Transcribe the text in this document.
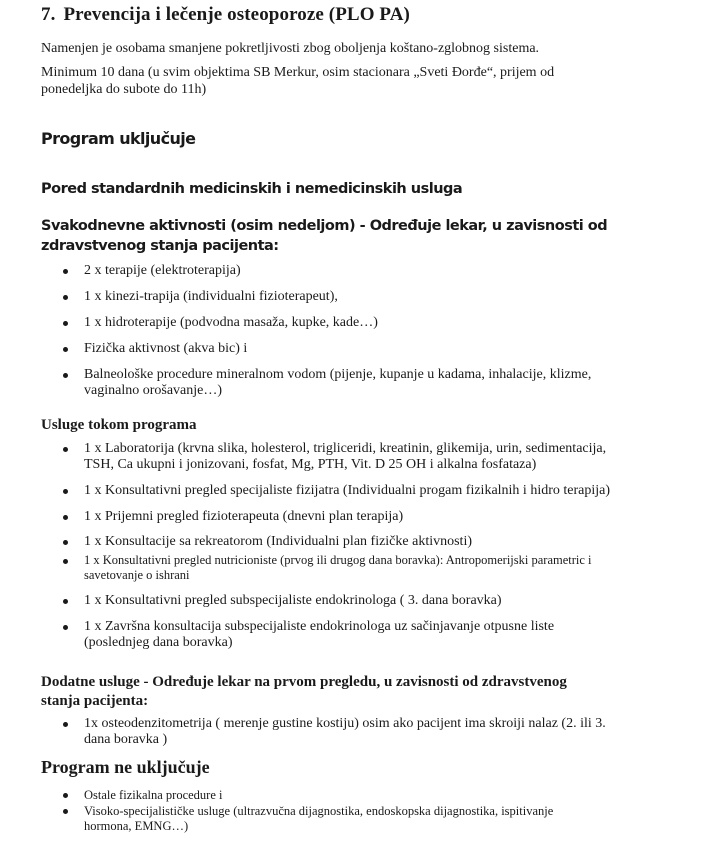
7. Prevencija i lečenje osteoporoze (PLO PA)
Namenjen je osobama smanjene pokretljivosti zbog oboljenja koštano-zglobnog sistema.
Minimum 10 dana (u svim objektima SB Merkur, osim stacionara „Sveti Đorđe“, prijem od
ponedeljka do subote do 11h)
Program uključuje
Pored standardnih medicinskih i nemedicinskih usluga
Svakodnevne aktivnosti (osim nedeljom) - Određuje lekar, u zavisnosti od
zdravstvenog stanja pacijenta:
2 x terapije (elektroterapija)
1 x kinezi-trapija (individualni fizioterapeut),
1 x hidroterapije (podvodna masaža, kupke, kade…)
Fizička aktivnost (akva bic) i
Balneološke procedure mineralnom vodom (pijenje, kupanje u kadama, inhalacije, klizme,
vaginalno orošavanje…)
Usluge tokom programa
1 x Laboratorija (krvna slika, holesterol, trigliceridi, kreatinin, glikemija, urin, sedimentacija,
TSH, Ca ukupni i jonizovani, fosfat, Mg, PTH, Vit. D 25 OH i alkalna fosfataza)
1 x Konsultativni pregled specijaliste fizijatra (Individualni progam fizikalnih i hidro terapija)
1 x Prijemni pregled fizioterapeuta (dnevni plan terapija)
1 x Konsultacije sa rekreatorom (Individualni plan fizičke aktivnosti)
1 x Konsultativni pregled nutricioniste (prvog ili drugog dana boravka): Antropomerijski parametric i
savetovanje o ishrani
1 x Konsultativni pregled subspecijaliste endokrinologa ( 3. dana boravka)
1 x Završna konsultacija subspecijaliste endokrinologa uz sačinjavanje otpusne liste
(poslednjeg dana boravka)
Dodatne usluge - Određuje lekar na prvom pregledu, u zavisnosti od zdravstvenog
stanja pacijenta:
1x osteodenzitometrija ( merenje gustine kostiju) osim ako pacijent ima skroiji nalaz (2. ili 3.
dana boravka )
Program ne uključuje
Ostale fizikalna procedure i
Visoko-specijalističke usluge (ultrazvučna dijagnostika, endoskopska dijagnostika, ispitivanje
hormona, EMNG…)
